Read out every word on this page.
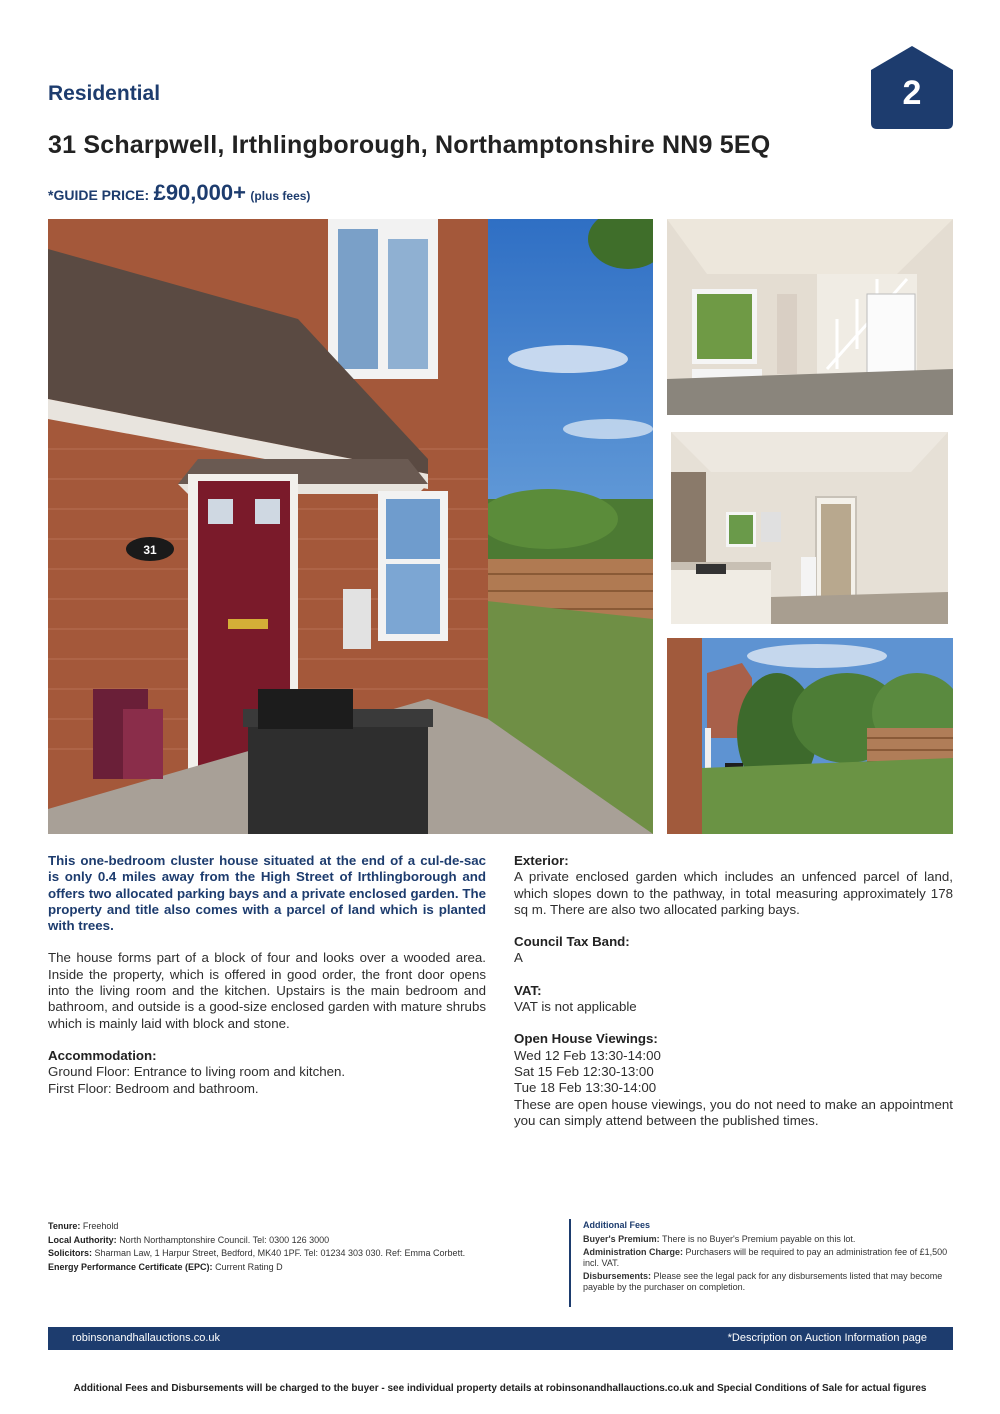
Residential	2
31 Scharpwell, Irthlingborough, Northamptonshire NN9 5EQ
*GUIDE PRICE: £90,000+ (plus fees)
31

This one-bedroom cluster house situated at the end of a cul-de-sac is only 0.4 miles away from the High Street of Irthlingborough and offers two allocated parking bays and a private enclosed garden. The property and title also comes with a parcel of land which is planted with trees.

The house forms part of a block of four and looks over a wooded area. Inside the property, which is offered in good order, the front door opens into the living room and the kitchen. Upstairs is the main bedroom and bathroom, and outside is a good-size enclosed garden with mature shrubs which is mainly laid with block and stone.

Accommodation:

Ground Floor: Entrance to living room and kitchen.

First Floor: Bedroom and bathroom.

Exterior:

A private enclosed garden which includes an unfenced parcel of land, which slopes down to the pathway, in total measuring approximately 178 sq m. There are also two allocated parking bays.

Council Tax Band:

A

VAT:

VAT is not applicable

Open House Viewings:

Wed 12 Feb 13:30-14:00

Sat 15 Feb 12:30-13:00

Tue 18 Feb 13:30-14:00

These are open house viewings, you do not need to make an appointment you can simply attend between the published times.

Tenure: Freehold

Local Authority: North Northamptonshire Council. Tel: 0300 126 3000

Solicitors: Sharman Law, 1 Harpur Street, Bedford, MK40 1PF. Tel: 01234 303 030. Ref: Emma Corbett.

Energy Performance Certificate (EPC): Current Rating D

Additional Fees

Buyer's Premium: There is no Buyer's Premium payable on this lot.

Administration Charge: Purchasers will be required to pay an administration fee of £1,500 incl. VAT.

Disbursements: Please see the legal pack for any disbursements listed that may become payable by the purchaser on completion.

robinsonandhallauctions.co.uk	*Description on Auction Information page
Additional Fees and Disbursements will be charged to the buyer - see individual property details at robinsonandhallauctions.co.uk and Special Conditions of Sale for actual figures
